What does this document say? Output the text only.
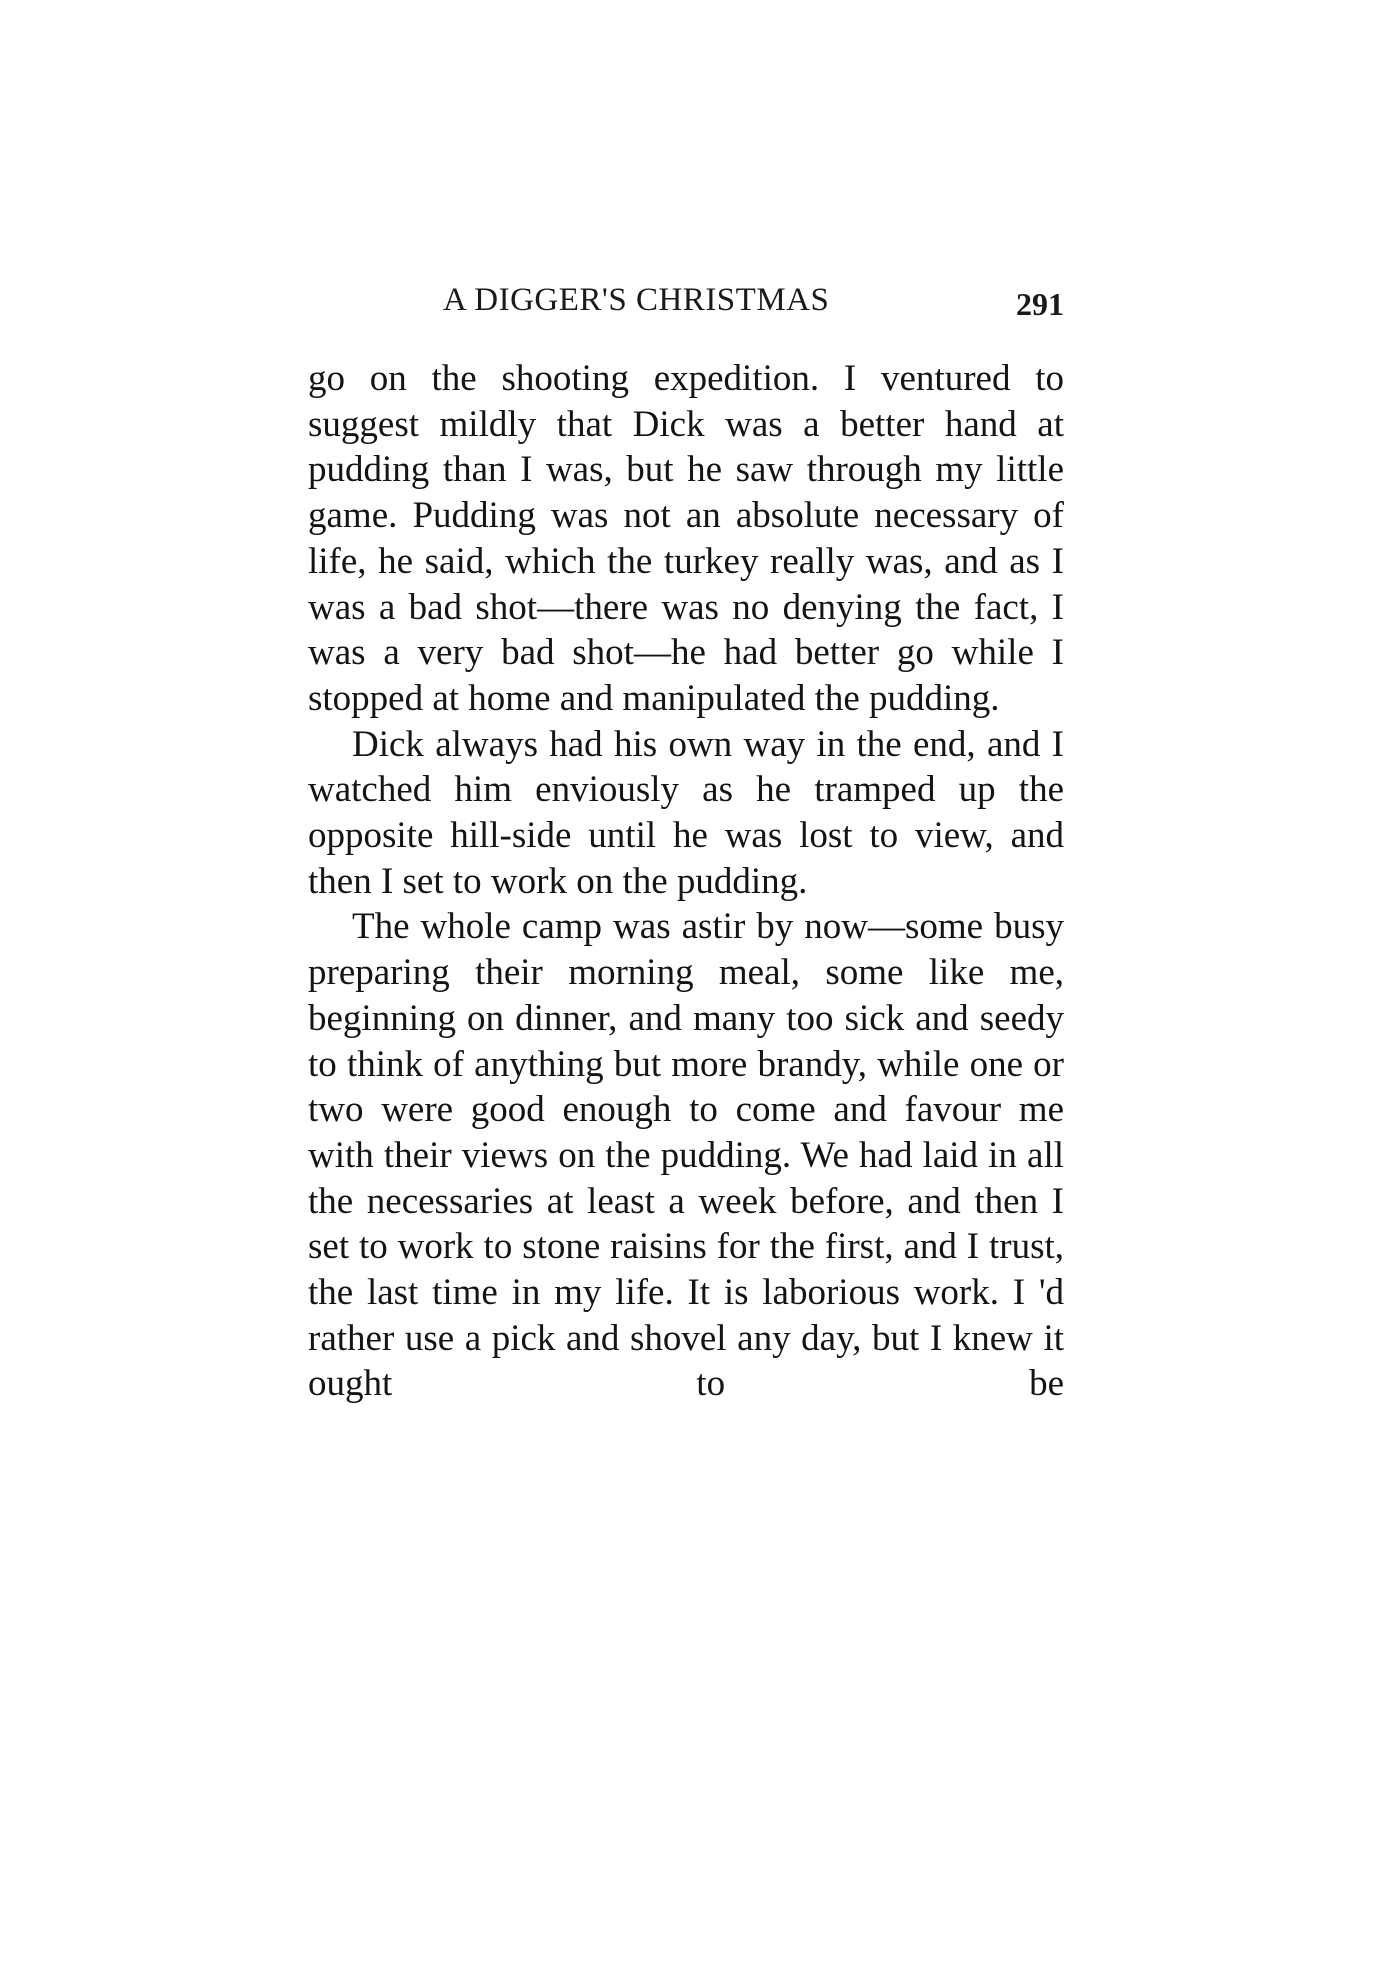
A DIGGER'S CHRISTMAS	291

go on the shooting expedition. I ventured to suggest mildly that Dick was a better hand at pudding than I was, but he saw through my little game. Pudding was not an absolute necessary of life, he said, which the turkey really was, and as I was a bad shot—there was no denying the fact, I was a very bad shot—he had better go while I stopped at home and manipulated the pudding.

Dick always had his own way in the end, and I watched him enviously as he tramped up the opposite hill-side until he was lost to view, and then I set to work on the pudding.

The whole camp was astir by now—some busy preparing their morning meal, some like me, beginning on dinner, and many too sick and seedy to think of anything but more brandy, while one or two were good enough to come and favour me with their views on the pudding. We had laid in all the necessaries at least a week before, and then I set to work to stone raisins for the first, and I trust, the last time in my life. It is laborious work. I 'd rather use a pick and shovel any day, but I knew it ought to be
